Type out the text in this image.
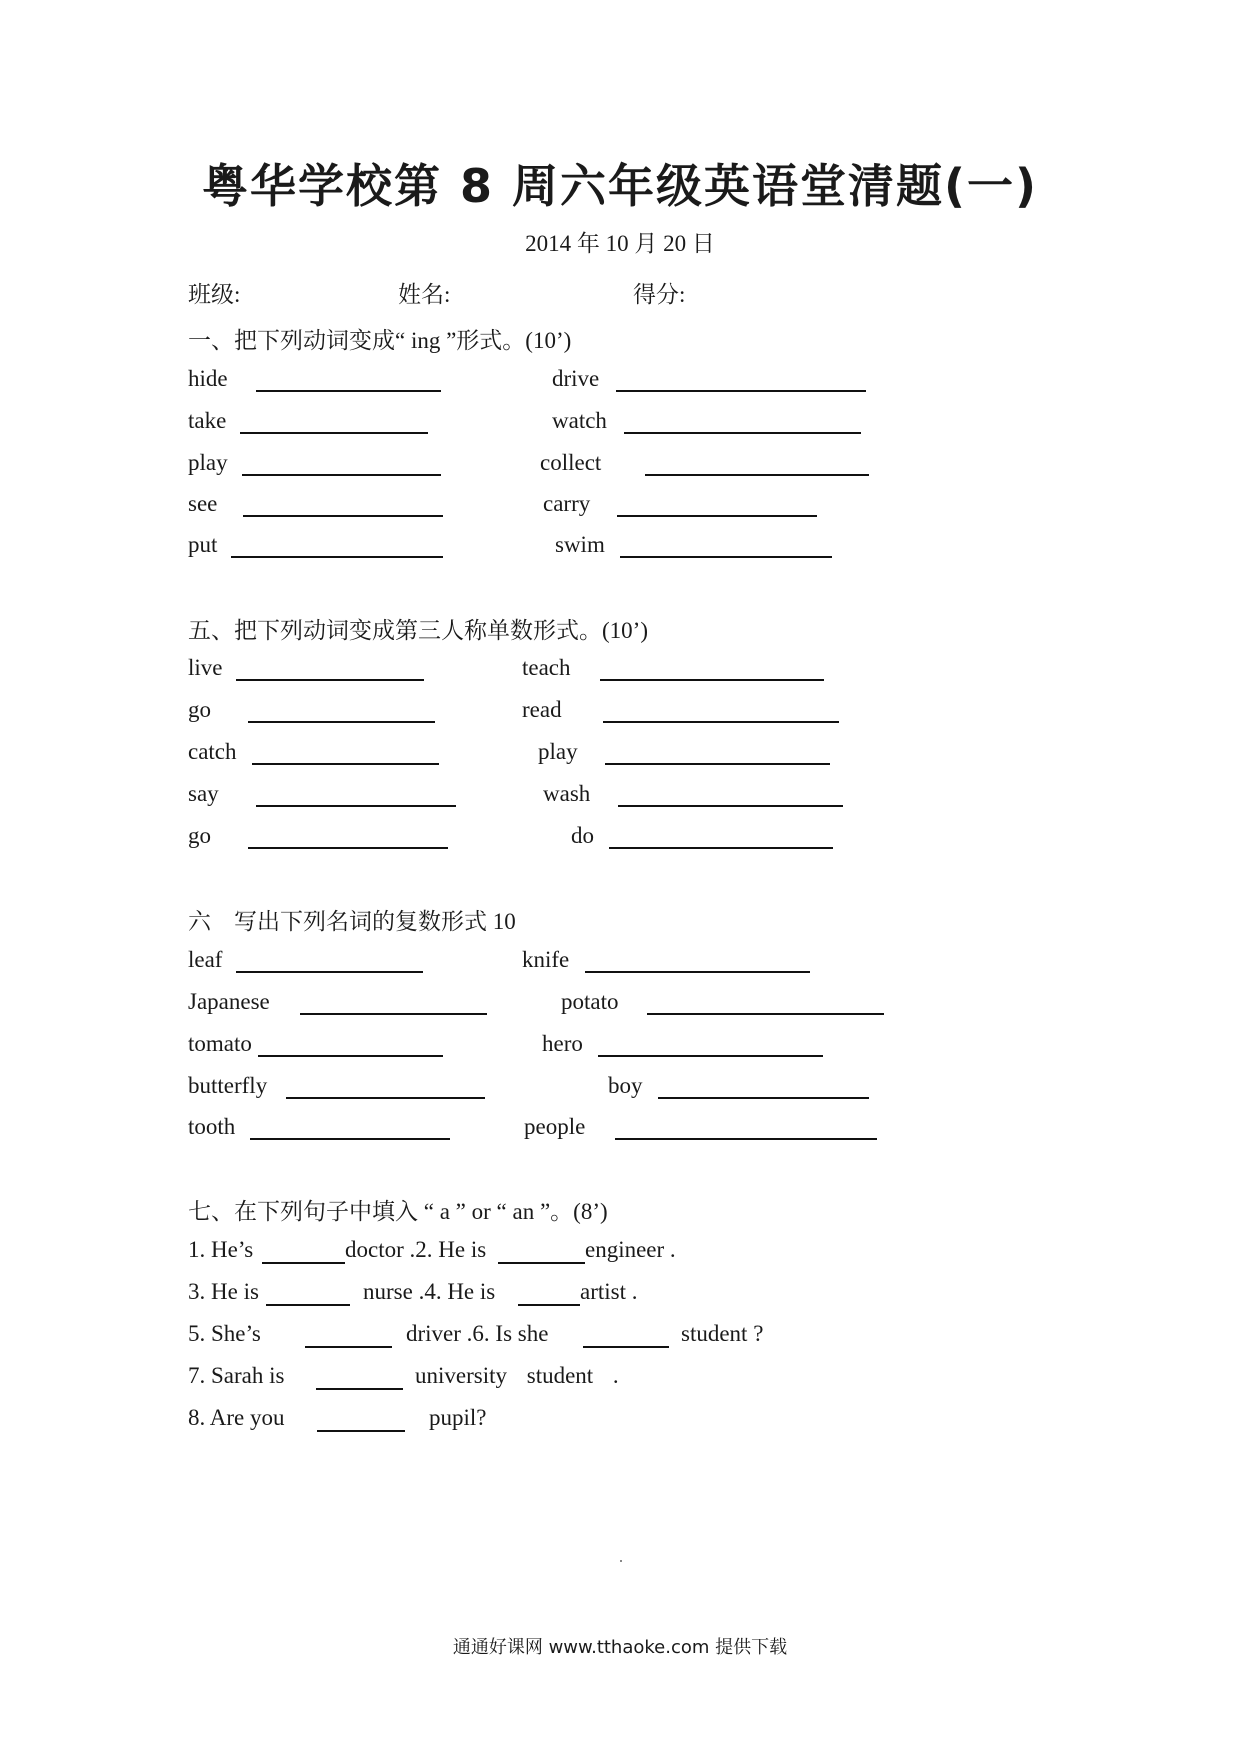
粤华学校第 8 周六年级英语堂清题(一)
2014 年 10 月 20 日
班级:	姓名:	得分:
一、把下列动词变成“ ing ”形式。(10’)
hide	drive
take	watch
play	collect
see	carry
put	swim
五、把下列动词变成第三人称单数形式。(10’)
live	teach
go	read
catch	play
say	wash
go	do
六　写出下列名词的复数形式 10
leaf	knife
Japanese	potato
tomato	hero
butterfly	boy
tooth	people
七、在下列句子中填入 “ a ” or “ an ”。(8’)
1. He’s	doctor .2. He is	engineer .
3. He is	nurse .4. He is	artist .
5. She’s	driver .6. Is she	student ?
7. Sarah is	university student .
8. Are you	pupil?
通通好课网 www.tthaoke.com 提供下载
